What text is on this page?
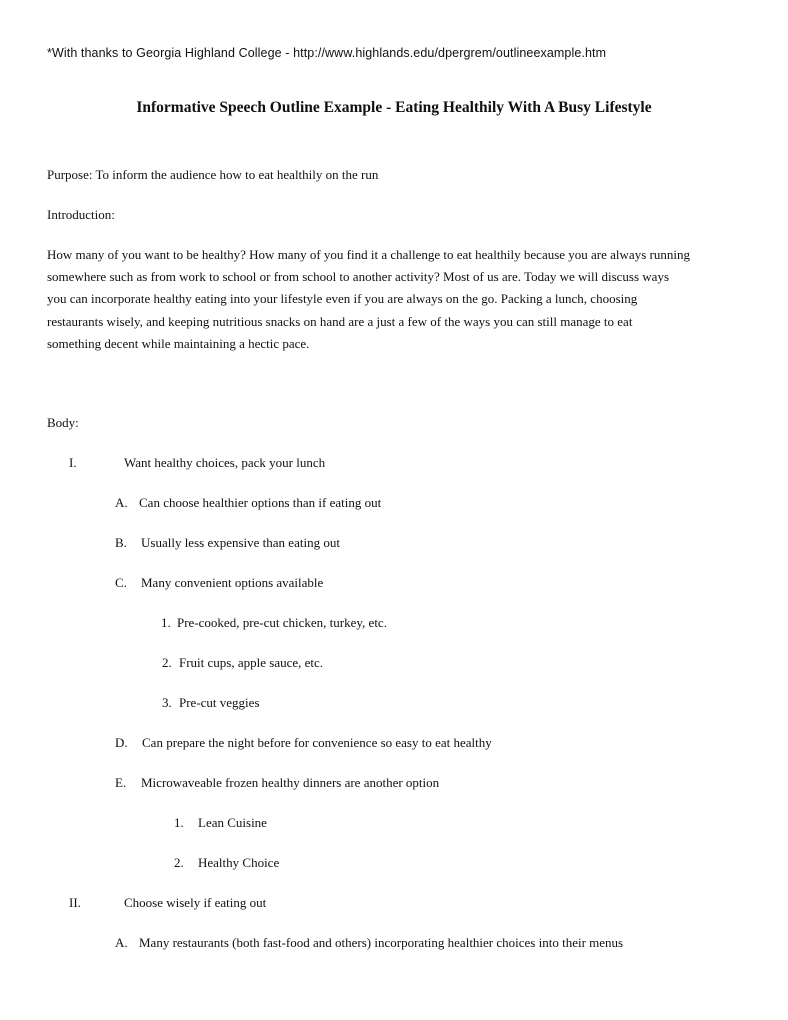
*With thanks to Georgia Highland College - http://www.highlands.edu/dpergrem/outlineexample.htm
Informative Speech Outline Example - Eating Healthily With A Busy Lifestyle
Purpose: To inform the audience how to eat healthily on the run
Introduction:
How many of you want to be healthy? How many of you find it a challenge to eat healthily because you are always running
somewhere such as from work to school or from school to another activity? Most of us are. Today we will discuss ways
you can incorporate healthy eating into your lifestyle even if you are always on the go. Packing a lunch, choosing
restaurants wisely, and keeping nutritious snacks on hand are a just a few of the ways you can still manage to eat
something decent while maintaining a hectic pace.
Body:
I.	Want healthy choices, pack your lunch
A. Can choose healthier options than if eating out
B. Usually less expensive than eating out
C. Many convenient options available
1. Pre-cooked, pre-cut chicken, turkey, etc.
2. Fruit cups, apple sauce, etc.
3. Pre-cut veggies
D. Can prepare the night before for convenience so easy to eat healthy
E. Microwaveable frozen healthy dinners are another option
1. Lean Cuisine
2. Healthy Choice
II.	Choose wisely if eating out
A. Many restaurants (both fast-food and others) incorporating healthier choices into their menus
